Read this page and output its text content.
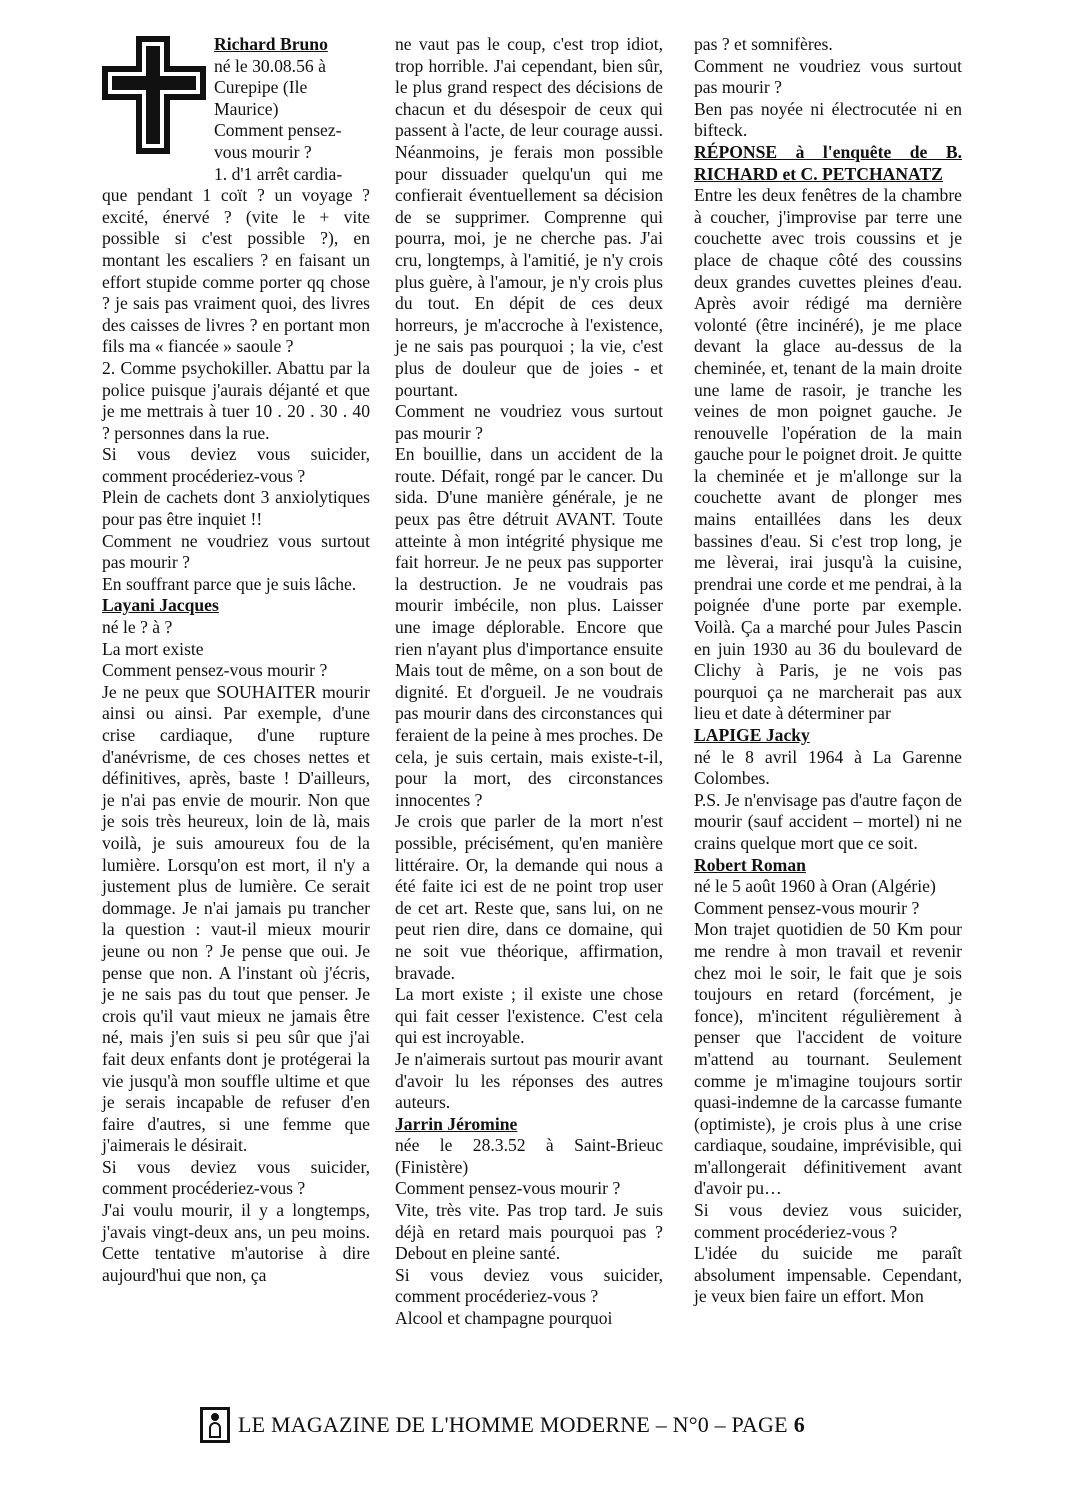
Richard Bruno
né le 30.08.56 à
Curepipe (Ile
Maurice)
Comment pensez-
vous mourir ?
1. d'1 arrêt cardia-

que pendant 1 coït ? un voyage ? excité, énervé ? (vite le + vite possible si c'est possible ?), en montant les escaliers ? en faisant un effort stupide comme porter qq chose ? je sais pas vraiment quoi, des livres des caisses de livres ? en portant mon fils ma « fiancée » saoule ?

2. Comme psychokiller. Abattu par la police puisque j'aurais déjanté et que je me mettrais à tuer 10 . 20 . 30 . 40 ? personnes dans la rue.

Si vous deviez vous suicider, comment procéderiez-vous ?

Plein de cachets dont 3 anxiolytiques pour pas être inquiet !!

Comment ne voudriez vous surtout pas mourir ?

En souffrant parce que je suis lâche.

Layani Jacques

né le ? à ?

La mort existe

Comment pensez-vous mourir ?

Je ne peux que SOUHAITER mourir ainsi ou ainsi. Par exemple, d'une crise cardiaque, d'une rupture d'anévrisme, de ces choses nettes et définitives, après, baste ! D'ailleurs, je n'ai pas envie de mourir. Non que je sois très heureux, loin de là, mais voilà, je suis amoureux fou de la lumière. Lorsqu'on est mort, il n'y a justement plus de lumière. Ce serait dommage. Je n'ai jamais pu trancher la question : vaut-il mieux mourir jeune ou non ? Je pense que oui. Je pense que non. A l'instant où j'écris, je ne sais pas du tout que penser. Je crois qu'il vaut mieux ne jamais être né, mais j'en suis si peu sûr que j'ai fait deux enfants dont je protégerai la vie jusqu'à mon souffle ultime et que je serais incapable de refuser d'en faire d'autres, si une femme que j'aimerais le désirait.

Si vous deviez vous suicider, comment procéderiez-vous ?

J'ai voulu mourir, il y a longtemps, j'avais vingt-deux ans, un peu moins. Cette tentative m'autorise à dire aujourd'hui que non, ça

ne vaut pas le coup, c'est trop idiot, trop horrible. J'ai cependant, bien sûr, le plus grand respect des décisions de chacun et du désespoir de ceux qui passent à l'acte, de leur courage aussi. Néanmoins, je ferais mon possible pour dissuader quelqu'un qui me confierait éventuellement sa décision de se supprimer. Comprenne qui pourra, moi, je ne cherche pas. J'ai cru, longtemps, à l'amitié, je n'y crois plus guère, à l'amour, je n'y crois plus du tout. En dépit de ces deux horreurs, je m'accroche à l'existence, je ne sais pas pourquoi ; la vie, c'est plus de douleur que de joies - et pourtant.

Comment ne voudriez vous surtout pas mourir ?

En bouillie, dans un accident de la route. Défait, rongé par le cancer. Du sida. D'une manière générale, je ne peux pas être détruit AVANT. Toute atteinte à mon intégrité physique me fait horreur. Je ne peux pas supporter la destruction. Je ne voudrais pas mourir imbécile, non plus. Laisser une image déplorable. Encore que rien n'ayant plus d'importance ensuite Mais tout de même, on a son bout de dignité. Et d'orgueil. Je ne voudrais pas mourir dans des circonstances qui feraient de la peine à mes proches. De cela, je suis certain, mais existe-t-il, pour la mort, des circonstances innocentes ?

Je crois que parler de la mort n'est possible, précisément, qu'en manière littéraire. Or, la demande qui nous a été faite ici est de ne point trop user de cet art. Reste que, sans lui, on ne peut rien dire, dans ce domaine, qui ne soit vue théorique, affirmation, bravade.

La mort existe ; il existe une chose qui fait cesser l'existence. C'est cela qui est incroyable.

Je n'aimerais surtout pas mourir avant d'avoir lu les réponses des autres auteurs.

Jarrin Jéromine

née le 28.3.52 à Saint-Brieuc (Finistère)

Comment pensez-vous mourir ?

Vite, très vite. Pas trop tard. Je suis déjà en retard mais pourquoi pas ? Debout en pleine santé.

Si vous deviez vous suicider, comment procéderiez-vous ?

Alcool et champagne pourquoi

pas ? et somnifères.

Comment ne voudriez vous surtout pas mourir ?

Ben pas noyée ni électrocutée ni en bifteck.

RÉPONSE à l'enquête de B. RICHARD et C. PETCHANATZ

Entre les deux fenêtres de la chambre à coucher, j'improvise par terre une couchette avec trois coussins et je place de chaque côté des coussins deux grandes cuvettes pleines d'eau. Après avoir rédigé ma dernière volonté (être incinéré), je me place devant la glace au-dessus de la cheminée, et, tenant de la main droite une lame de rasoir, je tranche les veines de mon poignet gauche. Je renouvelle l'opération de la main gauche pour le poignet droit. Je quitte la cheminée et je m'allonge sur la couchette avant de plonger mes mains entaillées dans les deux bassines d'eau. Si c'est trop long, je me lèverai, irai jusqu'à la cuisine, prendrai une corde et me pendrai, à la poignée d'une porte par exemple. Voilà. Ça a marché pour Jules Pascin en juin 1930 au 36 du boulevard de Clichy à Paris, je ne vois pas pourquoi ça ne marcherait pas aux lieu et date à déterminer par

LAPIGE Jacky

né le 8 avril 1964 à La Garenne Colombes.

P.S. Je n'envisage pas d'autre façon de mourir (sauf accident – mortel) ni ne crains quelque mort que ce soit.

Robert Roman

né le 5 août 1960 à Oran (Algérie)

Comment pensez-vous mourir ?

Mon trajet quotidien de 50 Km pour me rendre à mon travail et revenir chez moi le soir, le fait que je sois toujours en retard (forcément, je fonce), m'incitent régulièrement à penser que l'accident de voiture m'attend au tournant. Seulement comme je m'imagine toujours sortir quasi-indemne de la carcasse fumante (optimiste), je crois plus à une crise cardiaque, soudaine, imprévisible, qui m'allongerait définitivement avant d'avoir pu…

Si vous deviez vous suicider, comment procéderiez-vous ?

L'idée du suicide me paraît absolument impensable. Cependant, je veux bien faire un effort. Mon

LE MAGAZINE DE L'HOMME MODERNE – N°0 – PAGE 6
